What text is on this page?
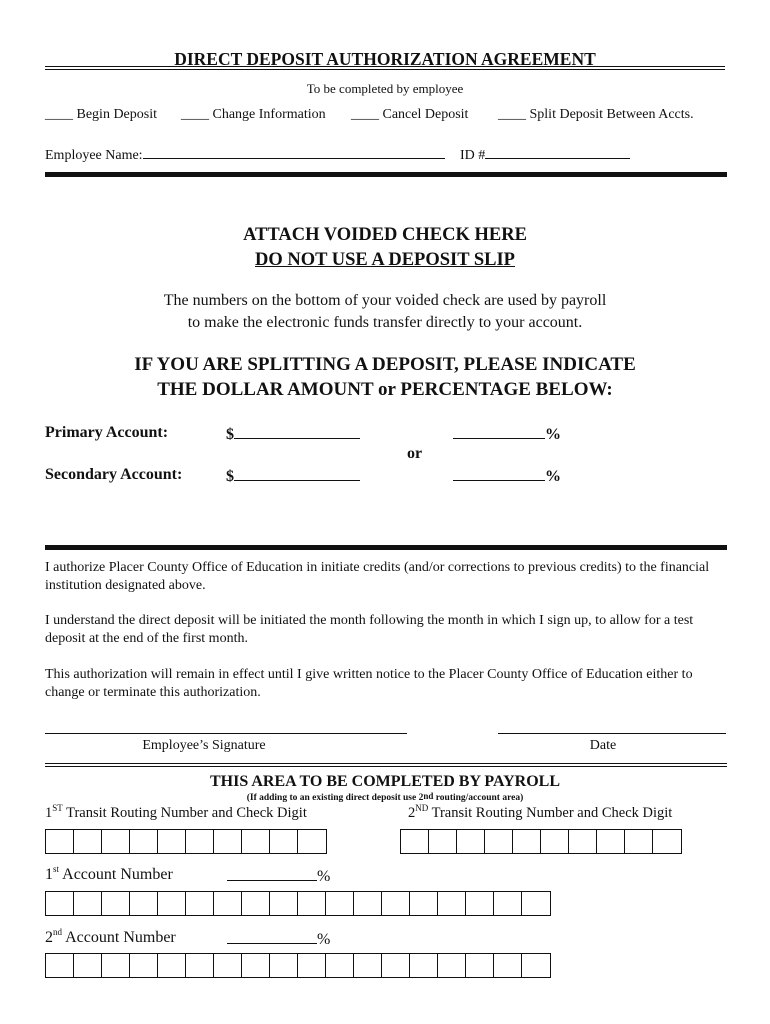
DIRECT DEPOSIT AUTHORIZATION AGREEMENT
To be completed by employee
____ Begin Deposit ____ Change Information ____ Cancel Deposit ____ Split Deposit Between Accts.
Employee Name:	ID #
ATTACH VOIDED CHECK HERE
DO NOT USE A DEPOSIT SLIP
The numbers on the bottom of your voided check are used by payroll
to make the electronic funds transfer directly to your account.
IF YOU ARE SPLITTING A DEPOSIT, PLEASE INDICATE
THE DOLLAR AMOUNT or PERCENTAGE BELOW:
Primary Account:	$	%
or
Secondary Account:	$	%
I authorize Placer County Office of Education in initiate credits (and/or corrections to previous credits) to the financial institution designated above.
I understand the direct deposit will be initiated the month following the month in which I sign up, to allow for a test deposit at the end of the first month.
This authorization will remain in effect until I give written notice to the Placer County Office of Education either to change or terminate this authorization.
Employee’s Signature	Date
THIS AREA TO BE COMPLETED BY PAYROLL
(If adding to an existing direct deposit use 2nd routing/account area)
1ST Transit Routing Number and Check Digit	2ND Transit Routing Number and Check Digit
1st Account Number	%
2nd Account Number	%
